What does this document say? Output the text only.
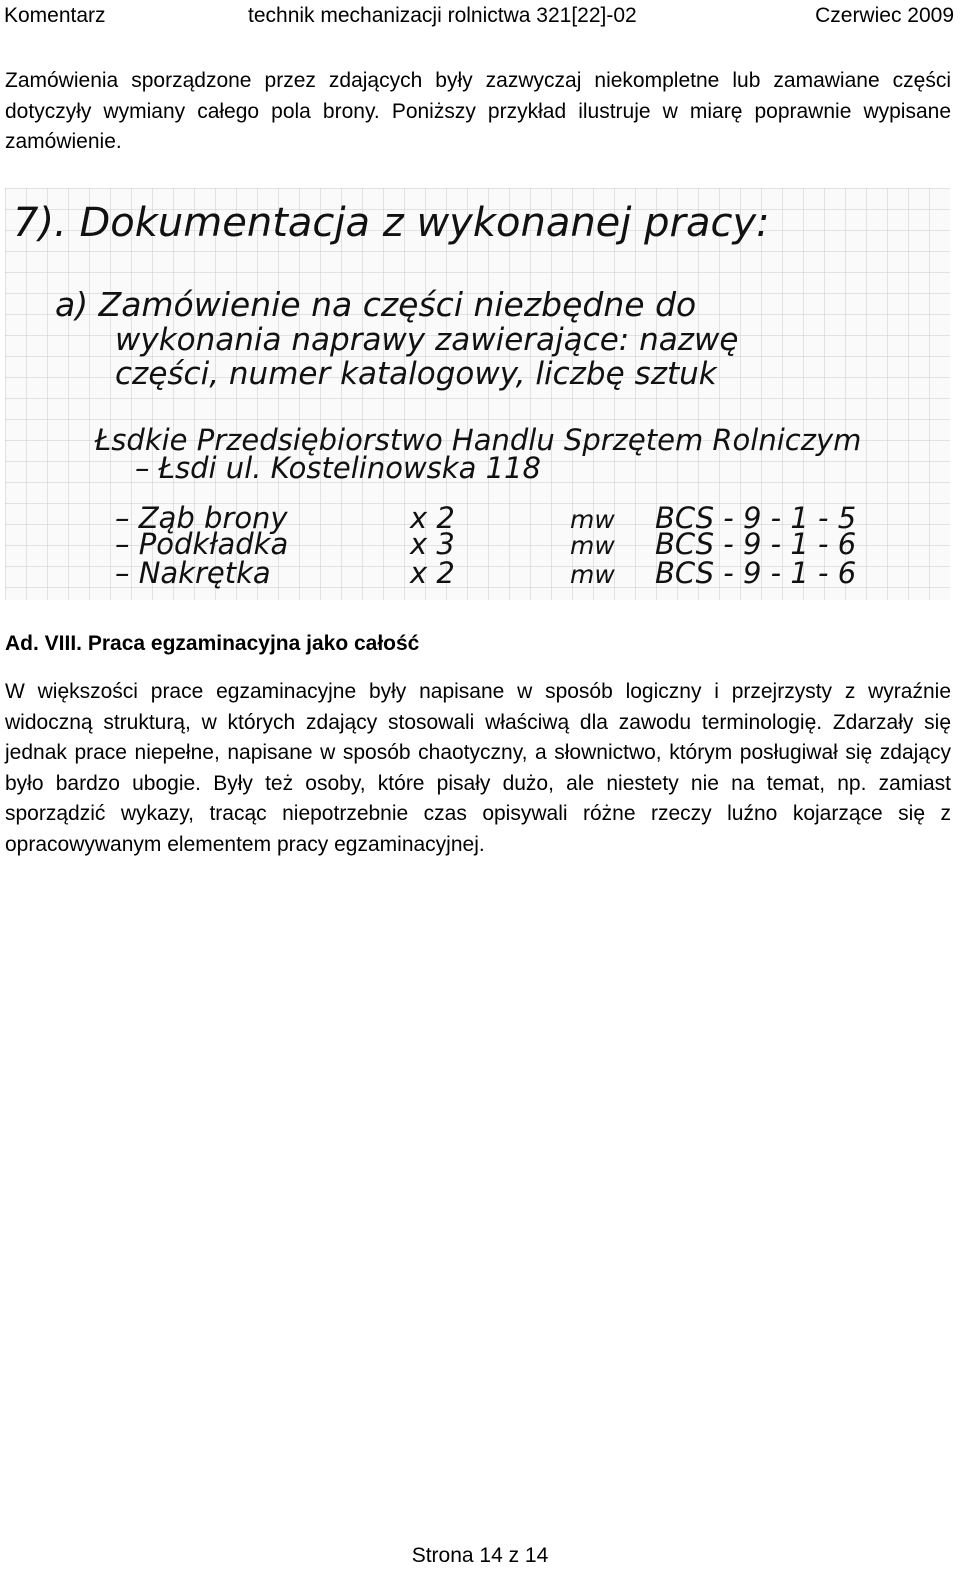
Komentarz	technik mechanizacji rolnictwa 321[22]-02	Czerwiec 2009

Zamówienia sporządzone przez zdających były zazwyczaj niekompletne lub zamawiane części dotyczyły wymiany całego pola brony. Poniższy przykład ilustruje w miarę poprawnie wypisane zamówienie.

7). Dokumentacja z wykonanej pracy:
a) Zamówienie na części niezbędne do
wykonania naprawy zawierające: nazwę
części, numer katalogowy, liczbę sztuk
Łsdkie Przedsiębiorstwo Handlu Sprzętem Rolniczym
– Łsdi ul. Kostelinowska 118
– Ząb brony	x 2	mw BCS - 9 - 1 - 5
– Podkładka	x 3	mw BCS - 9 - 1 - 6
– Nakrętka	x 2	mw BCS - 9 - 1 - 6
Ad. VIII. Praca egzaminacyjna jako całość

W większości prace egzaminacyjne były napisane w sposób logiczny i przejrzysty z wyraźnie widoczną strukturą, w których zdający stosowali właściwą dla zawodu terminologię. Zdarzały się jednak prace niepełne, napisane w sposób chaotyczny, a słownictwo, którym posługiwał się zdający było bardzo ubogie. Były też osoby, które pisały dużo, ale niestety nie na temat, np. zamiast sporządzić wykazy, tracąc niepotrzebnie czas opisywali różne rzeczy luźno kojarzące się z opracowywanym elementem pracy egzaminacyjnej.

Strona 14 z 14
